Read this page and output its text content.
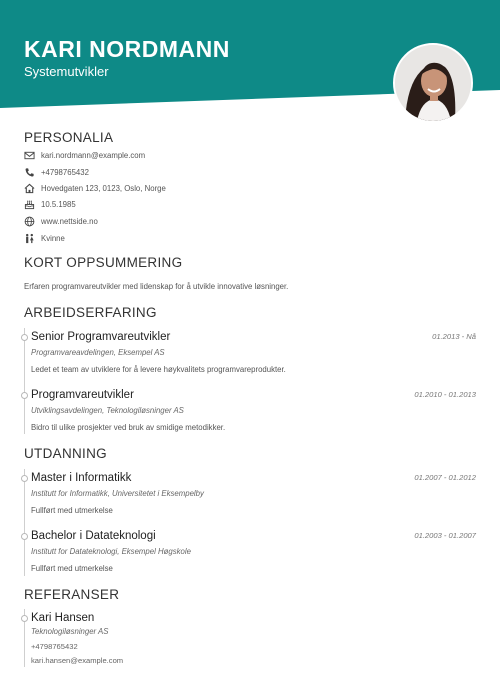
KARI NORDMANN
Systemutvikler
PERSONALIA
kari.nordmann@example.com
+4798765432
Hovedgaten 123, 0123, Oslo, Norge
10.5.1985
www.nettside.no
Kvinne
KORT OPPSUMMERING
Erfaren programvareutvikler med lidenskap for å utvikle innovative løsninger.
ARBEIDSERFARING
Senior Programvareutvikler	01.2013 - Nå
Programvareavdelingen, Eksempel AS
Ledet et team av utviklere for å levere høykvalitets programvareprodukter.
Programvareutvikler	01.2010 - 01.2013
Utviklingsavdelingen, Teknologiløsninger AS
Bidro til ulike prosjekter ved bruk av smidige metodikker.
UTDANNING
Master i Informatikk	01.2007 - 01.2012
Institutt for Informatikk, Universitetet i Eksempelby
Fullført med utmerkelse
Bachelor i Datateknologi	01.2003 - 01.2007
Institutt for Datateknologi, Eksempel Høgskole
Fullført med utmerkelse
REFERANSER
Kari Hansen
Teknologiløsninger AS
+4798765432
kari.hansen@example.com
